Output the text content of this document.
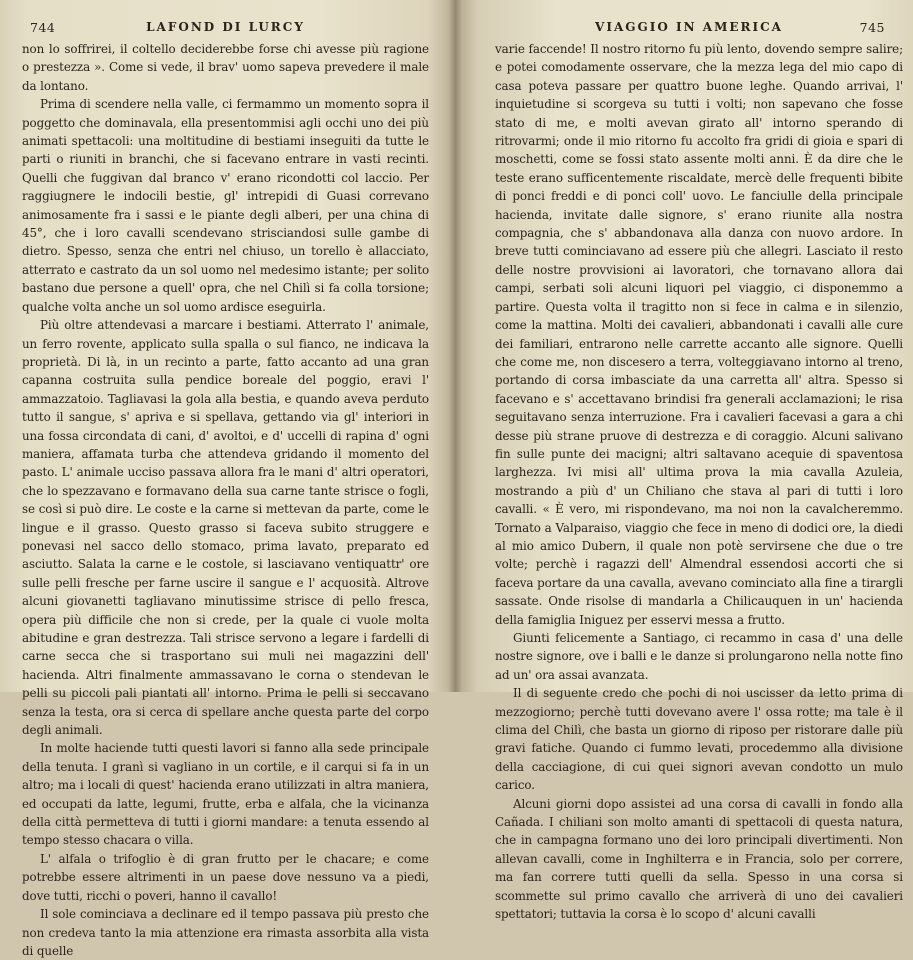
744	LAFOND DI LURCY

non lo soffrirei, il coltello deciderebbe forse chi avesse più ragione o prestezza ». Come si vede, il brav' uomo sapeva prevedere il male da lontano.

Prima di scendere nella valle, ci fermammo un momento sopra il poggetto che dominavala, ella presentommisi agli occhi uno dei più animati spettacoli: una moltitudine di bestiami inseguiti da tutte le parti o riuniti in branchi, che si facevano entrare in vasti recinti. Quelli che fuggivan dal branco v' erano ricondotti col laccio. Per raggiugnere le indocili bestie, gl' intrepidi di Guasi correvano animosamente fra i sassi e le piante degli alberi, per una china di 45°, che i loro cavalli scendevano strisciandosi sulle gambe di dietro. Spesso, senza che entri nel chiuso, un torello è allacciato, atterrato e castrato da un sol uomo nel medesimo istante; per solito bastano due persone a quell' opra, che nel Chilì si fa colla torsione; qualche volta anche un sol uomo ardisce eseguirla.

Più oltre attendevasi a marcare i bestiami. Atterrato l' animale, un ferro rovente, applicato sulla spalla o sul fianco, ne indicava la proprietà. Di là, in un recinto a parte, fatto accanto ad una gran capanna costruita sulla pendice boreale del poggio, eravi l' ammazzatoio. Tagliavasi la gola alla bestia, e quando aveva perduto tutto il sangue, s' apriva e si spellava, gettando via gl' interiori in una fossa circondata di cani, d' avoltoi, e d' uccelli di rapina d' ogni maniera, affamata turba che attendeva gridando il momento del pasto. L' animale ucciso passava allora fra le mani d' altri operatori, che lo spezzavano e formavano della sua carne tante strisce o fogli, se così si può dire. Le coste e la carne si mettevan da parte, come le lingue e il grasso. Questo grasso si faceva subito struggere e ponevasi nel sacco dello stomaco, prima lavato, preparato ed asciutto. Salata la carne e le costole, si lasciavano ventiquattr' ore sulle pelli fresche per farne uscire il sangue e l' acquosità. Altrove alcuni giovanetti tagliavano minutissime strisce di pello fresca, opera più difficile che non si crede, per la quale ci vuole molta abitudine e gran destrezza. Tali strisce servono a legare i fardelli di carne secca che si trasportano sui muli nei magazzini dell' hacienda. Altri finalmente ammassavano le corna o stendevan le pelli su piccoli pali piantati all' intorno. Prima le pelli si seccavano senza la testa, ora si cerca di spellare anche questa parte del corpo degli animali.

In molte haciende tutti questi lavori si fanno alla sede principale della tenuta. I granì si vagliano in un cortile, e il carqui si fa in un altro; ma i locali di quest' hacienda erano utilizzati in altra maniera, ed occupati da latte, legumi, frutte, erba e alfala, che la vicinanza della città permetteva di tutti i giorni mandare: a tenuta essendo al tempo stesso chacara o villa.

L' alfala o trifoglio è di gran frutto per le chacare; e come potrebbe essere altrimenti in un paese dove nessuno va a piedi, dove tutti, ricchi o poveri, hanno il cavallo!

Il sole cominciava a declinare ed il tempo passava più presto che non credeva tanto la mia attenzione era rimasta assorbita alla vista di quelle

VIAGGIO IN AMERICA	745

varie faccende! Il nostro ritorno fu più lento, dovendo sempre salire; e potei comodamente osservare, che la mezza lega del mio capo di casa poteva passare per quattro buone leghe. Quando arrivai, l' inquietudine si scorgeva su tutti i volti; non sapevano che fosse stato di me, e molti avevan girato all' intorno sperando di ritrovarmi; onde il mio ritorno fu accolto fra gridi di gioia e spari di moschetti, come se fossi stato assente molti anni. È da dire che le teste erano sufficentemente riscaldate, mercè delle frequenti bibite di ponci freddi e di ponci coll' uovo. Le fanciulle della principale hacienda, invitate dalle signore, s' erano riunite alla nostra compagnia, che s' abbandonava alla danza con nuovo ardore. In breve tutti cominciavano ad essere più che allegri. Lasciato il resto delle nostre provvisioni ai lavoratori, che tornavano allora dai campi, serbati soli alcuni liquori pel viaggio, ci disponemmo a partire. Questa volta il tragitto non si fece in calma e in silenzio, come la mattina. Molti dei cavalieri, abbandonati i cavalli alle cure dei familiari, entrarono nelle carrette accanto alle signore. Quelli che come me, non discesero a terra, volteggiavano intorno al treno, portando di corsa imbasciate da una carretta all' altra. Spesso si facevano e s' accettavano brindisi fra generali acclamazioni; le risa seguitavano senza interruzione. Fra i cavalieri facevasi a gara a chi desse più strane pruove di destrezza e di coraggio. Alcuni salivano fin sulle punte dei macigni; altri saltavano acequie di spaventosa larghezza. Ivi misi all' ultima prova la mia cavalla Azuleia, mostrando a più d' un Chiliano che stava al pari di tutti i loro cavalli. « È vero, mi rispondevano, ma noi non la cavalcheremmo. Tornato a Valparaiso, viaggio che fece in meno di dodici ore, la diedi al mio amico Dubern, il quale non potè servirsene che due o tre volte; perchè i ragazzi dell' Almendral essendosi accorti che si faceva portare da una cavalla, avevano cominciato alla fine a tirargli sassate. Onde risolse di mandarla a Chilicauquen in un' hacienda della famiglia Iniguez per esservi messa a frutto.

Giunti felicemente a Santiago, ci recammo in casa d' una delle nostre signore, ove i balli e le danze si prolungarono nella notte fino ad un' ora assai avanzata.

Il di seguente credo che pochi di noi uscisser da letto prima di mezzogiorno; perchè tutti dovevano avere l' ossa rotte; ma tale è il clima del Chilì, che basta un giorno di riposo per ristorare dalle più gravi fatiche. Quando ci fummo levati, procedemmo alla divisione della cacciagione, di cui quei signori avevan condotto un mulo carico.

Alcuni giorni dopo assistei ad una corsa di cavalli in fondo alla Cañada. I chiliani son molto amanti di spettacoli di questa natura, che in campagna formano uno dei loro principali divertimenti. Non allevan cavalli, come in Inghilterra e in Francia, solo per correre, ma fan correre tutti quelli da sella. Spesso in una corsa si scommette sul primo cavallo che arriverà di uno dei cavalieri spettatori; tuttavia la corsa è lo scopo d' alcuni cavalli
